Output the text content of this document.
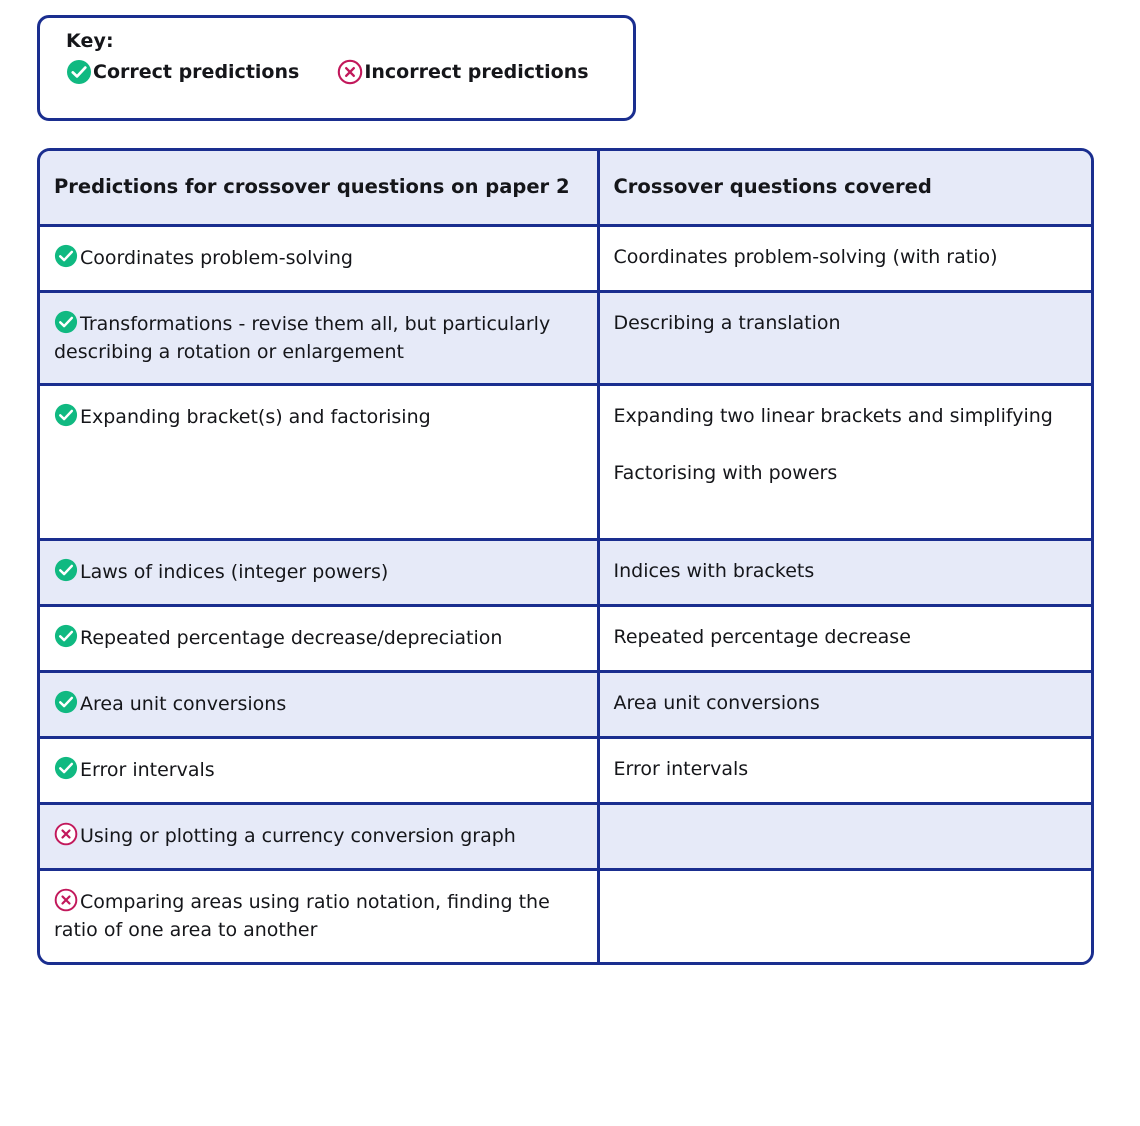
Key:
Correct predictions	Incorrect predictions
Predictions for crossover questions on paper 2	Crossover questions covered

Coordinates problem-solving	Coordinates problem-solving (with ratio)

Transformations - revise them all, but particularly describing a rotation or enlargement	Describing a translation

Expanding bracket(s) and factorising	Expanding two linear brackets and simplifying
Factorising with powers

Laws of indices (integer powers)	Indices with brackets

Repeated percentage decrease/depreciation	Repeated percentage decrease

Area unit conversions	Area unit conversions

Error intervals	Error intervals

Using or plotting a currency conversion graph	

Comparing areas using ratio notation, finding the ratio of one area to another	
